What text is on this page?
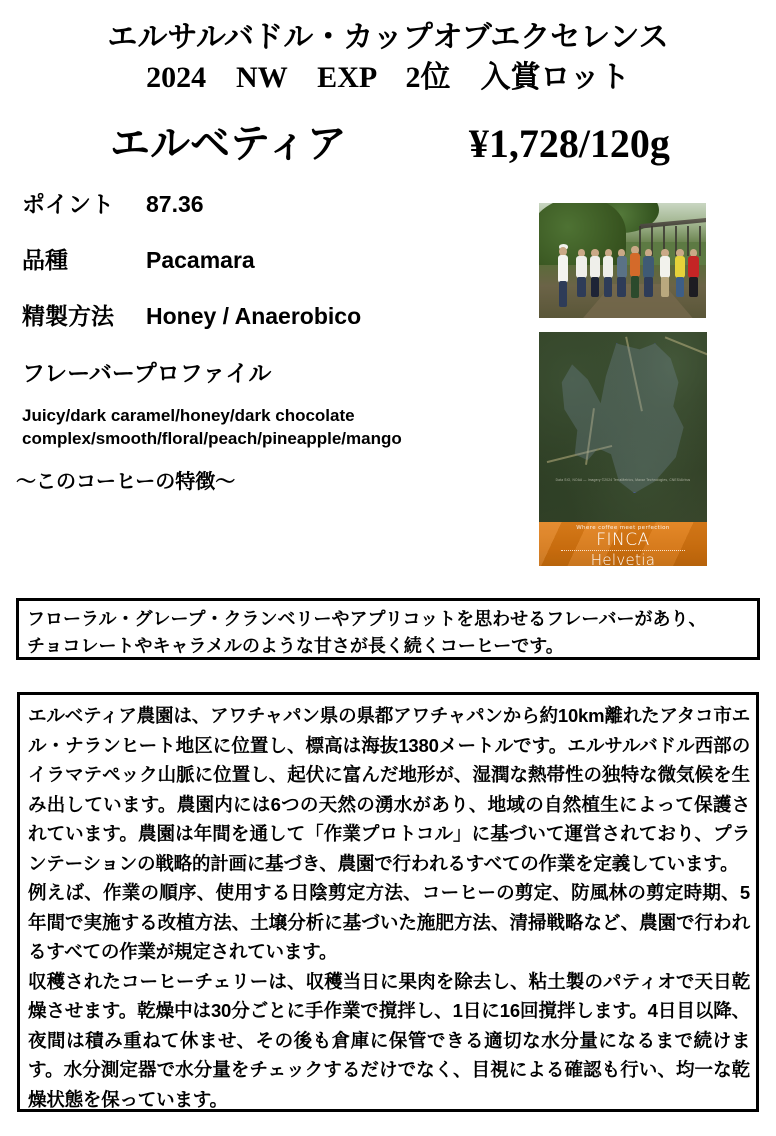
エルサルバドル・カップオブエクセレンス
2024　NW　EXP　2位　入賞ロット
エルベティア	¥1,728/120g
ポイント	87.36
品種	Pacamara
精製方法	Honey / Anaerobico
フレーバープロファイル
Juicy/dark caramel/honey/dark chocolate
complex/smooth/floral/peach/pineapple/mango
〜このコーヒーの特徴〜

フローラル・グレープ・クランベリーやアプリコットを思わせるフレーバーがあり、

チョコレートやキャラメルのような甘さが長く続くコーヒーです。

エルベティア農園は、アワチャパン県の県都アワチャパンから約10km離れたアタコ市エル・ナランヒート地区に位置し、標高は海抜1380メートルです。エルサルバドル西部のイラマテペック山脈に位置し、起伏に富んだ地形が、湿潤な熱帯性の独特な微気候を生み出しています。農園内には6つの天然の湧水があり、地域の自然植生によって保護されています。農園は年間を通して「作業プロトコル」に基づいて運営されており、プランテーションの戦略的計画に基づき、農園で行われるすべての作業を定義しています。

例えば、作業の順序、使用する日陰剪定方法、コーヒーの剪定、防風林の剪定時期、5年間で実施する改植方法、土壌分析に基づいた施肥方法、清掃戦略など、農園で行われるすべての作業が規定されています。

収穫されたコーヒーチェリーは、収穫当日に果肉を除去し、粘土製のパティオで天日乾燥させます。乾燥中は30分ごとに手作業で撹拌し、1日に16回撹拌します。4日目以降、夜間は積み重ねて休ませ、その後も倉庫に保管できる適切な水分量になるまで続けます。水分測定器で水分量をチェックするだけでなく、目視による確認も行い、均一な乾燥状態を保っています。

Data SIO, NOAA — Imagery ©2024 TerraMetrics, Maxar Technologies, CNES/Airbus
Where coffee meet perfection
FINCA
Helvetia
